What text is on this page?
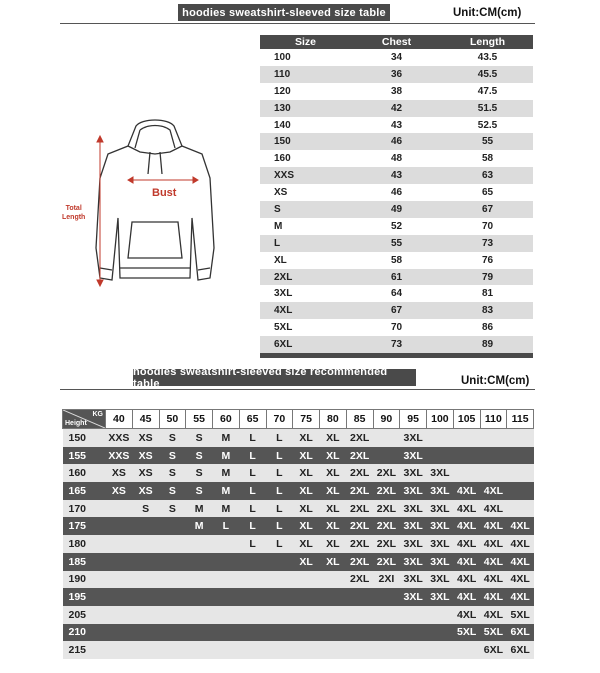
hoodies sweatshirt-sleeved size table	Unit:CM(cm)
Bust
Total
Length
Size	Chest	Length
100	34	43.5
110	36	45.5
120	38	47.5
130	42	51.5
140	43	52.5
150	46	55
160	48	58
XXS	43	63
XS	46	65
S	49	67
M	52	70
L	55	73
XL	58	76
2XL	61	79
3XL	64	81
4XL	67	83
5XL	70	86
6XL	73	89

hoodies sweatshirt-sleeved size recommended table	Unit:CM(cm)
KG
Height	40	45	50	55	60	65	70	75	80	85	90	95	100	105	110	115
150	XXS	XS	S	S	M	L	L	XL	XL	2XL		3XL				
155	XXS	XS	S	S	M	L	L	XL	XL	2XL		3XL				
160	XS	XS	S	S	M	L	L	XL	XL	2XL	2XL	3XL	3XL			
165	XS	XS	S	S	M	L	L	XL	XL	2XL	2XL	3XL	3XL	4XL	4XL	
170		S	S	M	M	L	L	XL	XL	2XL	2XL	3XL	3XL	4XL	4XL	
175				M	L	L	L	XL	XL	2XL	2XL	3XL	3XL	4XL	4XL	4XL
180						L	L	XL	XL	2XL	2XL	3XL	3XL	4XL	4XL	4XL
185								XL	XL	2XL	2XL	3XL	3XL	4XL	4XL	4XL
190										2XL	2XI	3XL	3XL	4XL	4XL	4XL
195												3XL	3XL	4XL	4XL	4XL
205														4XL	4XL	5XL
210														5XL	5XL	6XL
215															6XL	6XL
